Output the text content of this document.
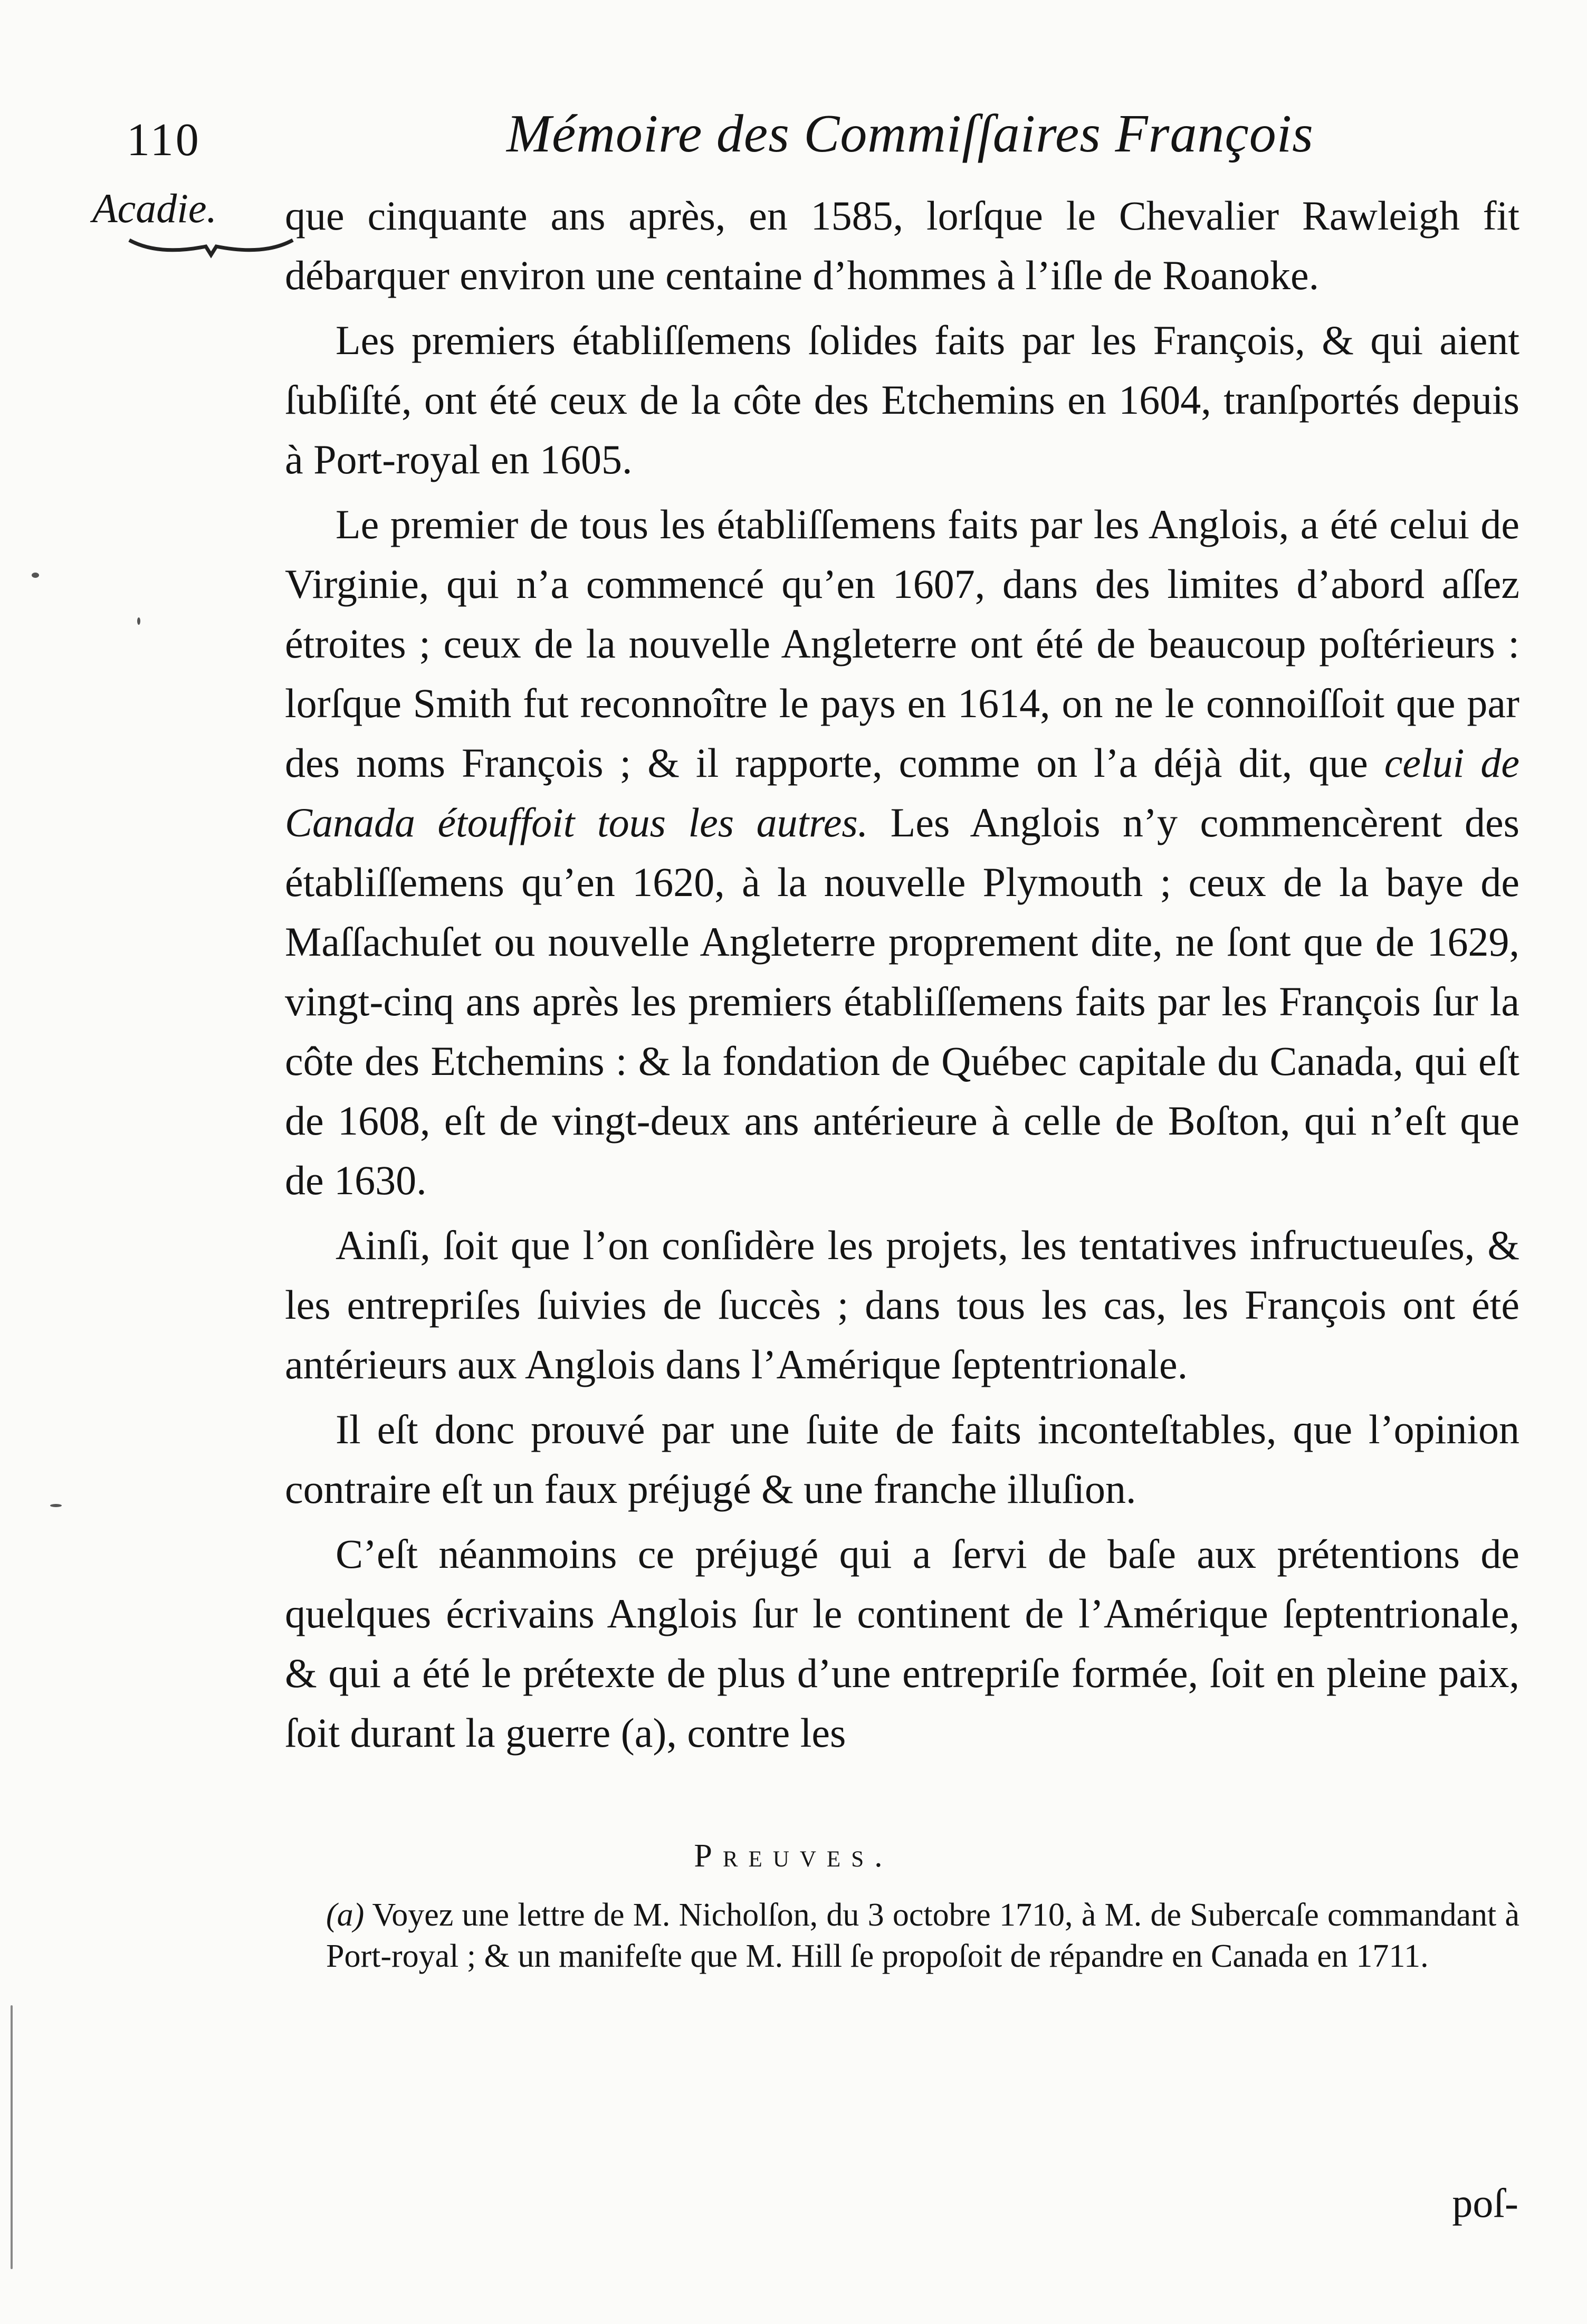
110	Mémoire des Commiſſaires François
Acadie. que cinquante ans après, en 1585, lorſque le Chevalier Rawleigh fit débarquer environ une centaine d’hommes à l’iſle de Roanoke.

Les premiers établiſſemens ſolides faits par les François, & qui aient ſubſiſté, ont été ceux de la côte des Etchemins en 1604, tranſportés depuis à Port-royal en 1605.

Le premier de tous les établiſſemens faits par les Anglois, a été celui de Virginie, qui n’a commencé qu’en 1607, dans des limites d’abord aſſez étroites ; ceux de la nouvelle Angleterre ont été de beaucoup poſtérieurs : lorſque Smith fut reconnoître le pays en 1614, on ne le connoiſſoit que par des noms François ; & il rapporte, comme on l’a déjà dit, que celui de Canada étouffoit tous les autres. Les Anglois n’y commencèrent des établiſſemens qu’en 1620, à la nouvelle Plymouth ; ceux de la baye de Maſſachuſet ou nouvelle Angleterre proprement dite, ne ſont que de 1629, vingt-cinq ans après les premiers établiſſemens faits par les François ſur la côte des Etchemins : & la fondation de Québec capitale du Canada, qui eſt de 1608, eſt de vingt-deux ans antérieure à celle de Boſton, qui n’eſt que de 1630.

Ainſi, ſoit que l’on conſidère les projets, les tentatives infructueuſes, & les entrepriſes ſuivies de ſuccès ; dans tous les cas, les François ont été antérieurs aux Anglois dans l’Amérique ſeptentrionale.

Il eſt donc prouvé par une ſuite de faits inconteſtables, que l’opinion contraire eſt un faux préjugé & une franche illuſion.

C’eſt néanmoins ce préjugé qui a ſervi de baſe aux prétentions de quelques écrivains Anglois ſur le continent de l’Amérique ſeptentrionale, & qui a été le prétexte de plus d’une entrepriſe formée, ſoit en pleine paix, ſoit durant la guerre (a), contre les

Preuves.

(a) Voyez une lettre de M. Nicholſon, du 3 octobre 1710, à M. de Subercaſe commandant à Port-royal ; & un manifeſte que M. Hill ſe propoſoit de répandre en Canada en 1711.

poſ-
